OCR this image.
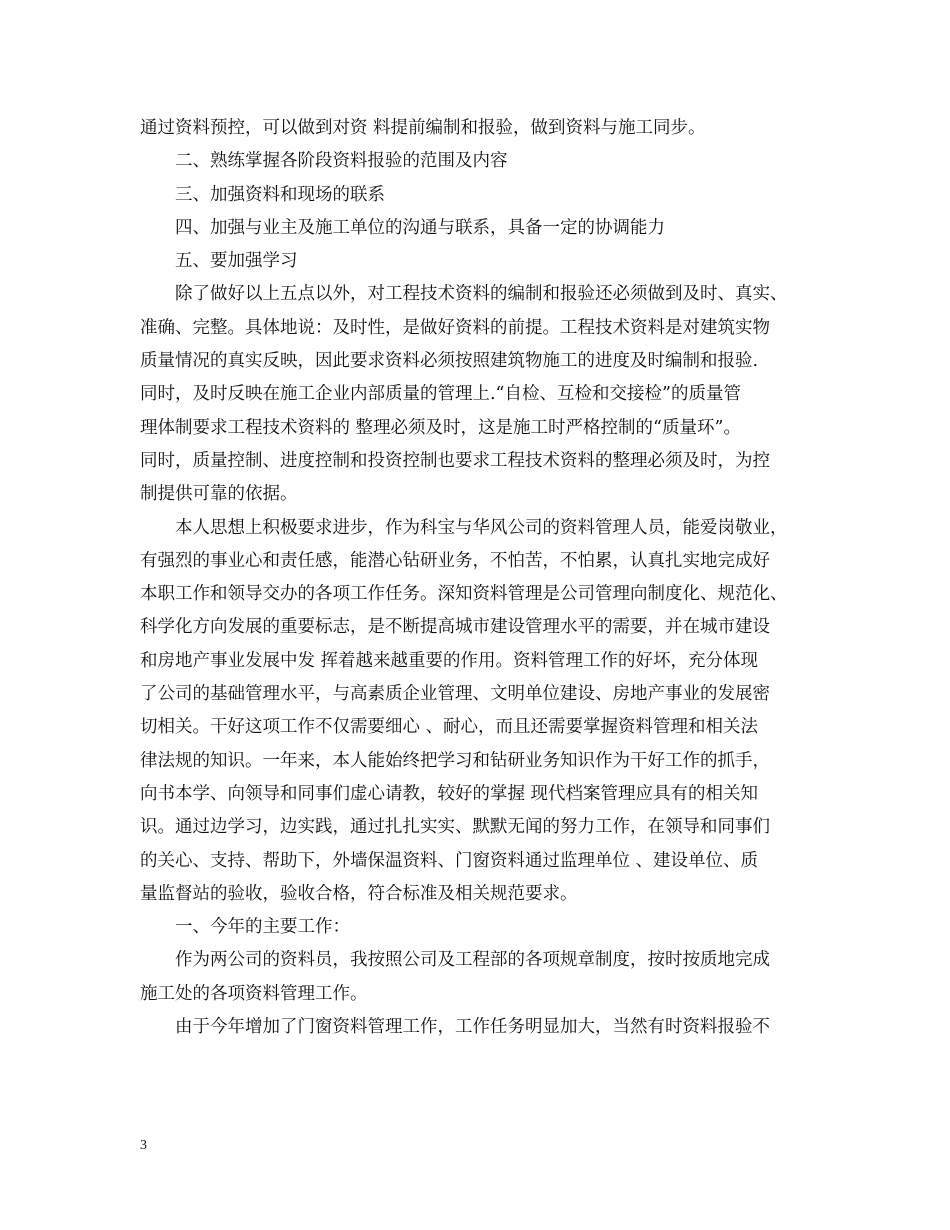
通过资料预控，可以做到对资 料提前编制和报验，做到资料与施工同步。
二、熟练掌握各阶段资料报验的范围及内容
三、加强资料和现场的联系
四、加强与业主及施工单位的沟通与联系，具备一定的协调能力
五、要加强学习
除了做好以上五点以外，对工程技术资料的编制和报验还必须做到及时、真实、
准确、完整。具体地说：及时性，是做好资料的前提。工程技术资料是对建筑实物
质量情况的真实反映，因此要求资料必须按照建筑物施工的进度及时编制和报验.
同时，及时反映在施工企业内部质量的管理上.“自检、互检和交接检”的质量管
理体制要求工程技术资料的 整理必须及时，这是施工时严格控制的“质量环”。
同时，质量控制、进度控制和投资控制也要求工程技术资料的整理必须及时，为控
制提供可靠的依据。
本人思想上积极要求进步，作为科宝与华风公司的资料管理人员，能爱岗敬业，
有强烈的事业心和责任感，能潜心钻研业务，不怕苦，不怕累，认真扎实地完成好
本职工作和领导交办的各项工作任务。深知资料管理是公司管理向制度化、规范化、
科学化方向发展的重要标志，是不断提高城市建设管理水平的需要，并在城市建设
和房地产事业发展中发 挥着越来越重要的作用。资料管理工作的好坏，充分体现
了公司的基础管理水平，与高素质企业管理、文明单位建设、房地产事业的发展密
切相关。干好这项工作不仅需要细心 、耐心，而且还需要掌握资料管理和相关法
律法规的知识。一年来，本人能始终把学习和钻研业务知识作为干好工作的抓手，
向书本学、向领导和同事们虚心请教，较好的掌握 现代档案管理应具有的相关知
识。通过边学习，边实践，通过扎扎实实、默默无闻的努力工作，在领导和同事们
的关心、支持、帮助下，外墙保温资料、门窗资料通过监理单位 、建设单位、质
量监督站的验收，验收合格，符合标准及相关规范要求。
一、今年的主要工作：
作为两公司的资料员，我按照公司及工程部的各项规章制度，按时按质地完成
施工处的各项资料管理工作。
由于今年增加了门窗资料管理工作，工作任务明显加大，当然有时资料报验不
3
